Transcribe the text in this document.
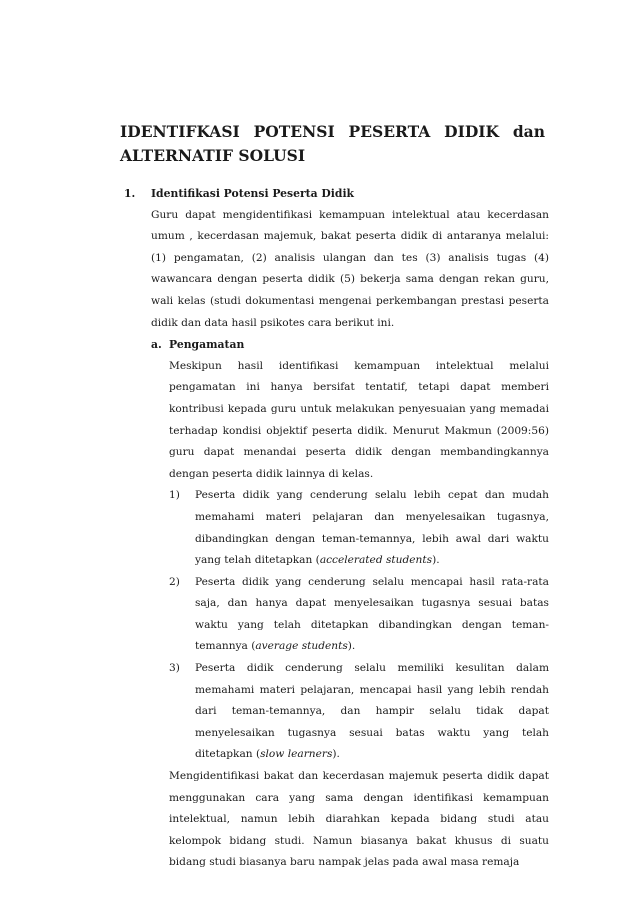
IDENTIFKASI POTENSI PESERTA DIDIK dan
ALTERNATIF SOLUSI
1.	Identifikasi Potensi Peserta Didik

Guru dapat mengidentifikasi kemampuan intelektual atau kecerdasan umum , kecerdasan majemuk, bakat peserta didik di antaranya melalui: (1) pengamatan, (2) analisis ulangan dan tes (3) analisis tugas (4) wawancara dengan peserta didik (5) bekerja sama dengan rekan guru, wali kelas (studi dokumentasi mengenai perkembangan prestasi peserta didik dan data hasil psikotes cara berikut ini.

a. Pengamatan

Meskipun hasil identifikasi kemampuan intelektual melalui pengamatan ini hanya bersifat tentatif, tetapi dapat memberi kontribusi kepada guru untuk melakukan penyesuaian yang memadai terhadap kondisi objektif peserta didik. Menurut Makmun (2009:56) guru dapat menandai peserta didik dengan membandingkannya dengan peserta didik lainnya di kelas.

1)	Peserta didik yang cenderung selalu lebih cepat dan mudah memahami materi pelajaran dan menyelesaikan tugasnya, dibandingkan dengan teman-temannya, lebih awal dari waktu yang telah ditetapkan (accelerated students).

2)	Peserta didik yang cenderung selalu mencapai hasil rata-rata saja, dan hanya dapat menyelesaikan tugasnya sesuai batas waktu yang telah ditetapkan dibandingkan dengan teman-temannya (average students).

3)	Peserta didik cenderung selalu memiliki kesulitan dalam memahami materi pelajaran, mencapai hasil yang lebih rendah dari teman-temannya, dan hampir selalu tidak dapat menyelesaikan tugasnya sesuai batas waktu yang telah ditetapkan (slow learners).

Mengidentifikasi bakat dan kecerdasan majemuk peserta didik dapat menggunakan cara yang sama dengan identifikasi kemampuan intelektual, namun lebih diarahkan kepada bidang studi atau kelompok bidang studi. Namun biasanya bakat khusus di suatu bidang studi biasanya baru nampak jelas pada awal masa remaja
